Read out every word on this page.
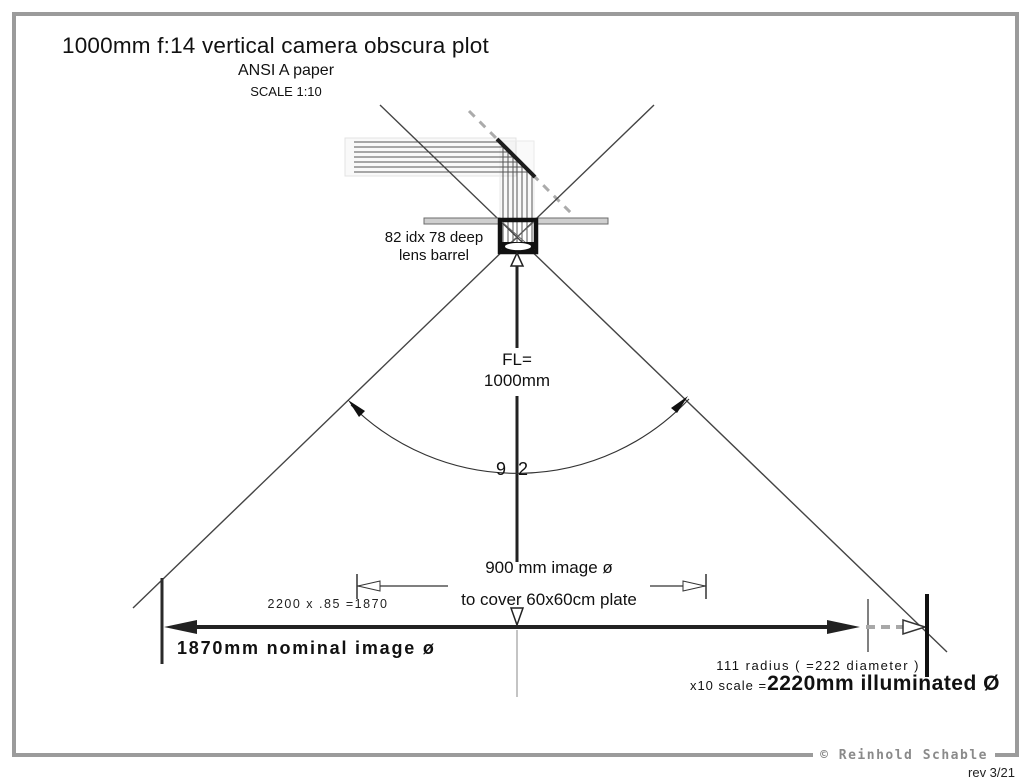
1000mm f:14 vertical camera obscura plot
ANSI A paper
SCALE 1:10
82 idx 78 deep
lens barrel
FL=
1000mm
92
900 mm image ø
to cover 60x60cm plate
2200 x .85 =1870
1870mm nominal image ø
111 radius ( =222 diameter )
x10 scale = 2220mm illuminated Ø
© Reinhold Schable
rev 3/21
